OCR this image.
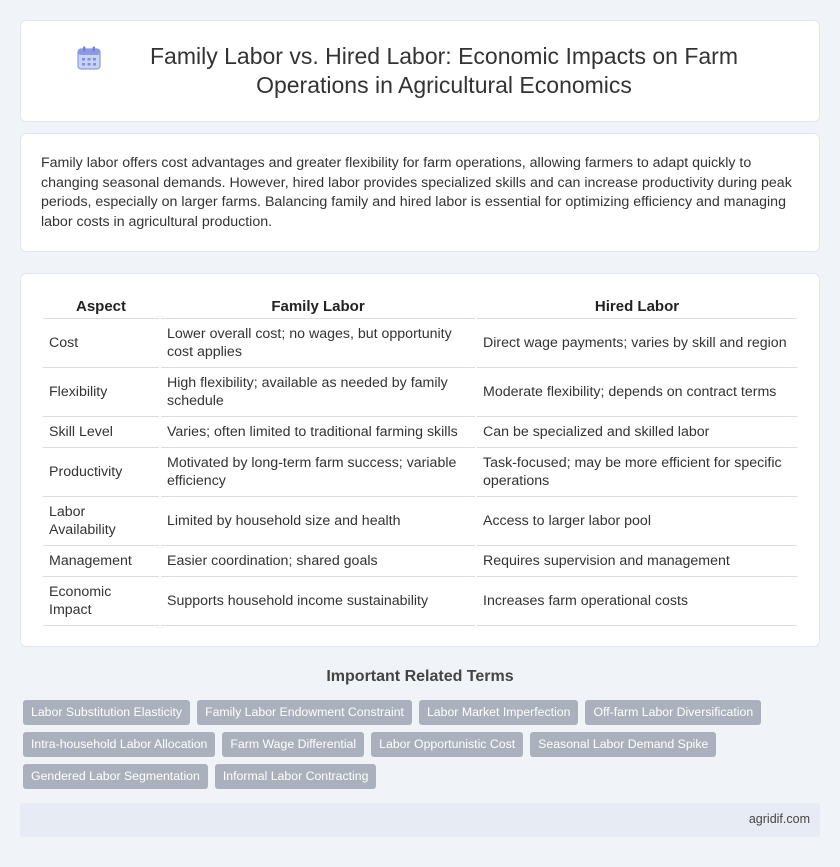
Family Labor vs. Hired Labor: Economic Impacts on Farm Operations in Agricultural Economics

Family labor offers cost advantages and greater flexibility for farm operations, allowing farmers to adapt quickly to changing seasonal demands. However, hired labor provides specialized skills and can increase productivity during peak periods, especially on larger farms. Balancing family and hired labor is essential for optimizing efficiency and managing labor costs in agricultural production.

Aspect	Family Labor	Hired Labor
Cost	Lower overall cost; no wages, but opportunity cost applies	Direct wage payments; varies by skill and region
Flexibility	High flexibility; available as needed by family schedule	Moderate flexibility; depends on contract terms
Skill Level	Varies; often limited to traditional farming skills	Can be specialized and skilled labor
Productivity	Motivated by long-term farm success; variable efficiency	Task-focused; may be more efficient for specific operations
Labor Availability	Limited by household size and health	Access to larger labor pool
Management	Easier coordination; shared goals	Requires supervision and management
Economic Impact	Supports household income sustainability	Increases farm operational costs
Important Related Terms
Labor Substitution Elasticity	Family Labor Endowment Constraint	Labor Market Imperfection	Off-farm Labor Diversification
Intra-household Labor Allocation	Farm Wage Differential	Labor Opportunistic Cost	Seasonal Labor Demand Spike
Gendered Labor Segmentation	Informal Labor Contracting
agridif.com
